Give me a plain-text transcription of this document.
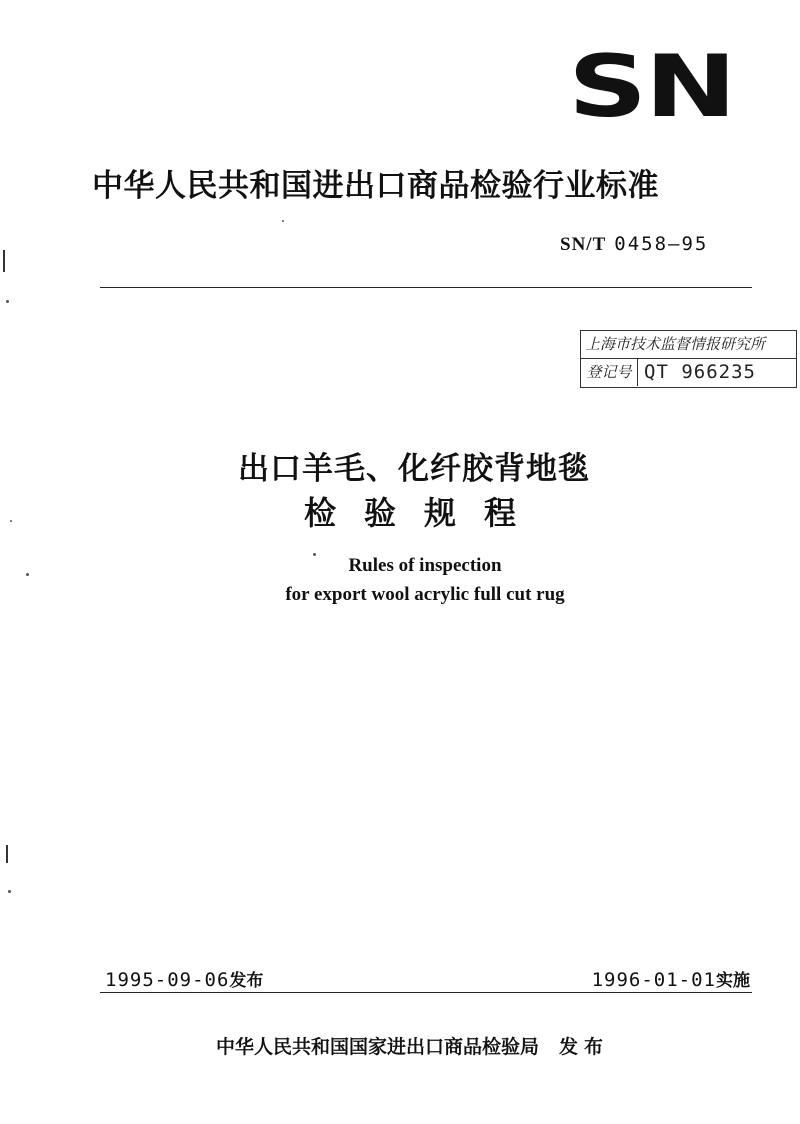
SN
中华人民共和国进出口商品检验行业标准
SN/T 0458—95
上海市技术监督情报研究所
登记号 QT 966235
出口羊毛、化纤胶背地毯
检验规程
Rules of inspection
for export wool acrylic full cut rug
1995-09-06发布	1996-01-01实施
中华人民共和国国家进出口商品检验局 发布
